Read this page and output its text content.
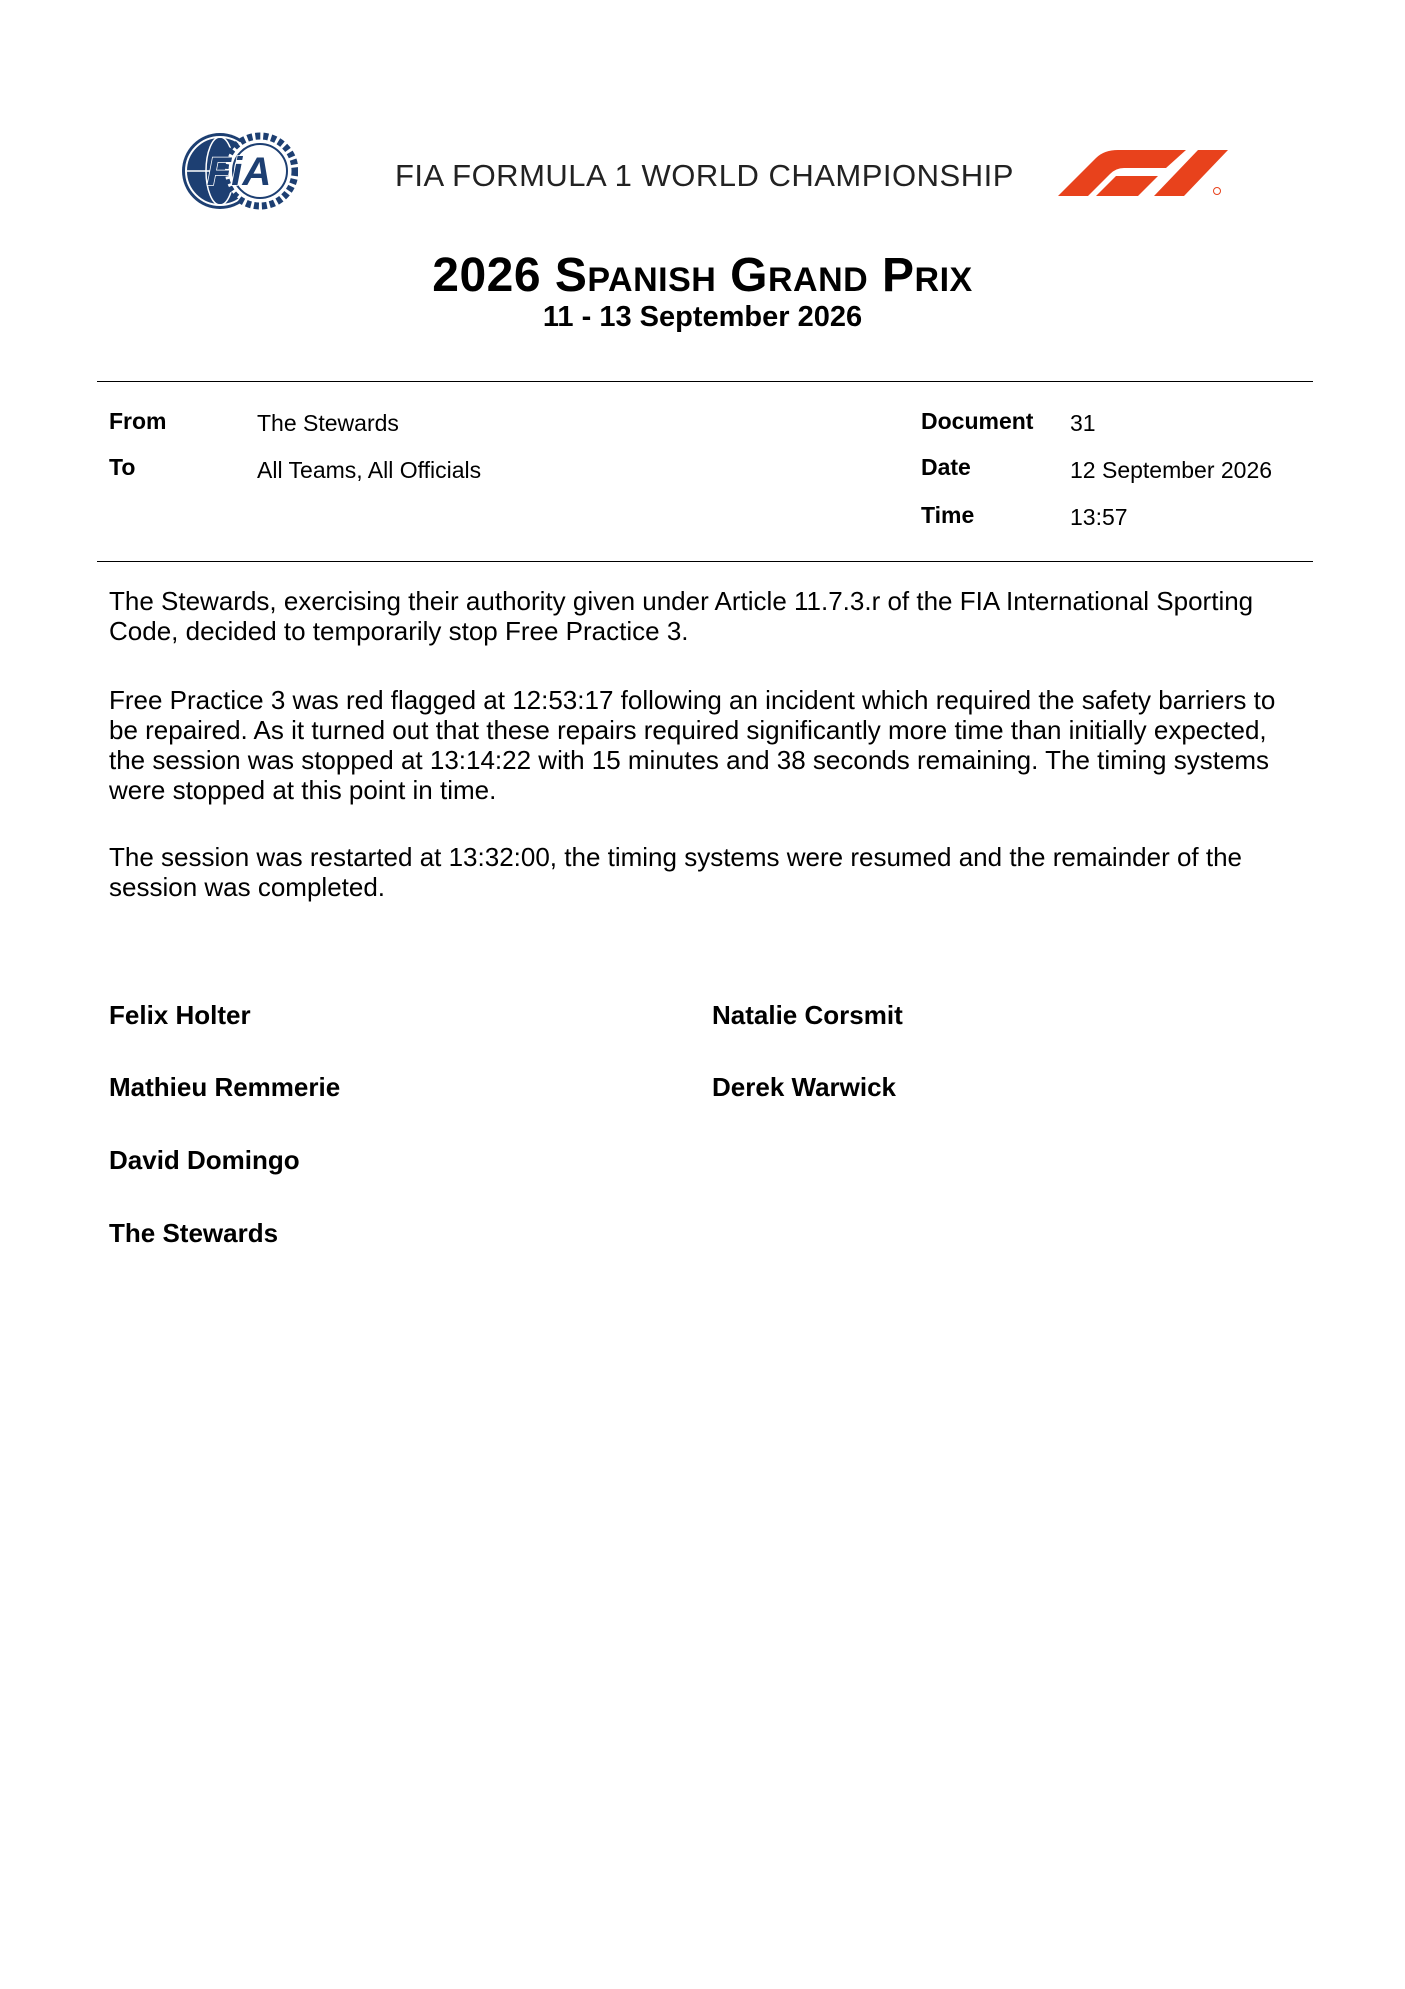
FiA	FIA FORMULA 1 WORLD CHAMPIONSHIP
2026 Spanish Grand Prix
11 - 13 September 2026
From	The Stewards
To	All Teams, All Officials
Document 31
Date	12 September 2026
Time	13:57

The Stewards, exercising their authority given under Article 11.7.3.r of the FIA International Sporting Code, decided to temporarily stop Free Practice 3.

Free Practice 3 was red flagged at 12:53:17 following an incident which required the safety barriers to be repaired. As it turned out that these repairs required significantly more time than initially expected, the session was stopped at 13:14:22 with 15 minutes and 38 seconds remaining. The timing systems were stopped at this point in time.

The session was restarted at 13:32:00, the timing systems were resumed and the remainder of the session was completed.

Felix Holter	Natalie Corsmit
Mathieu Remmerie	Derek Warwick
David Domingo
The Stewards
